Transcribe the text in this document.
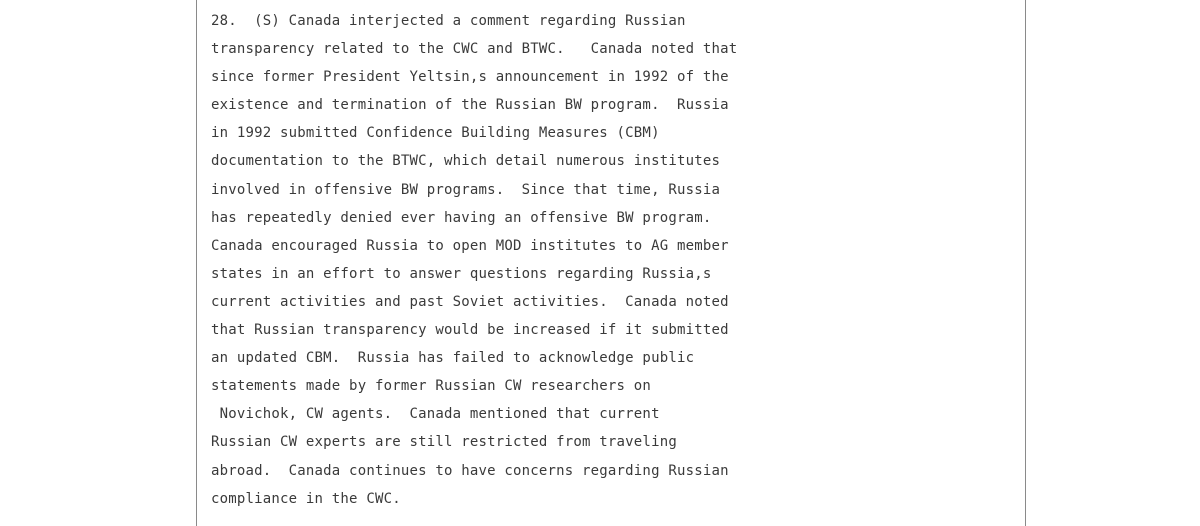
28.  (S) Canada interjected a comment regarding Russian
transparency related to the CWC and BTWC.   Canada noted that
since former President Yeltsin,s announcement in 1992 of the
existence and termination of the Russian BW program.  Russia
in 1992 submitted Confidence Building Measures (CBM)
documentation to the BTWC, which detail numerous institutes
involved in offensive BW programs.  Since that time, Russia
has repeatedly denied ever having an offensive BW program.
Canada encouraged Russia to open MOD institutes to AG member
states in an effort to answer questions regarding Russia,s
current activities and past Soviet activities.  Canada noted
that Russian transparency would be increased if it submitted
an updated CBM.  Russia has failed to acknowledge public
statements made by former Russian CW researchers on
Novichok, CW agents.  Canada mentioned that current
Russian CW experts are still restricted from traveling
abroad.  Canada continues to have concerns regarding Russian
compliance in the CWC.
